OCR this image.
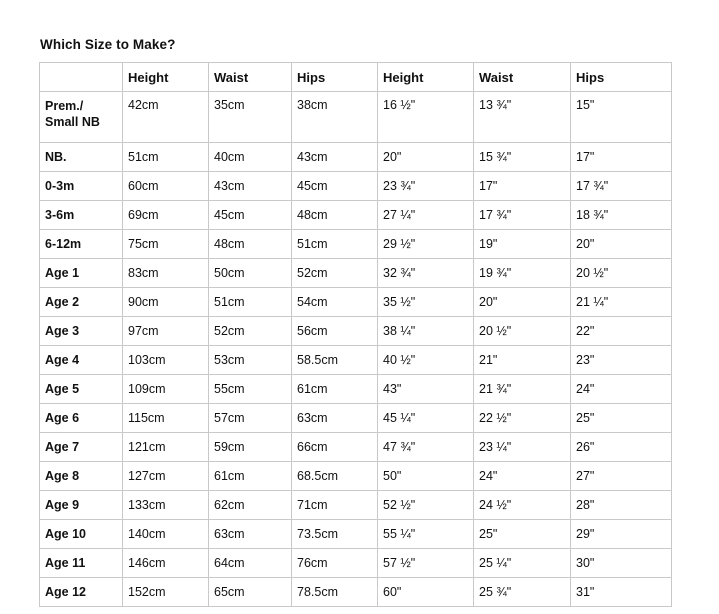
Which Size to Make?
	Height	Waist	Hips	Height	Waist	Hips

Prem./
Small NB	42cm	35cm	38cm	16 ½"	13 ¾"	15"
NB.	51cm	40cm	43cm	20"	15 ¾"	17"
0-3m	60cm	43cm	45cm	23 ¾"	17"	17 ¾"
3-6m	69cm	45cm	48cm	27 ¼"	17 ¾"	18 ¾"
6-12m	75cm	48cm	51cm	29 ½"	19"	20"
Age 1	83cm	50cm	52cm	32 ¾"	19 ¾"	20 ½"
Age 2	90cm	51cm	54cm	35 ½"	20"	21 ¼"
Age 3	97cm	52cm	56cm	38 ¼"	20 ½"	22"
Age 4	103cm	53cm	58.5cm	40 ½"	21"	23"
Age 5	109cm	55cm	61cm	43"	21 ¾"	24"
Age 6	115cm	57cm	63cm	45 ¼"	22 ½"	25"
Age 7	121cm	59cm	66cm	47 ¾"	23 ¼"	26"
Age 8	127cm	61cm	68.5cm	50"	24"	27"
Age 9	133cm	62cm	71cm	52 ½"	24 ½"	28"
Age 10	140cm	63cm	73.5cm	55 ¼"	25"	29"
Age 11	146cm	64cm	76cm	57 ½"	25 ¼"	30"
Age 12	152cm	65cm	78.5cm	60"	25 ¾"	31"
